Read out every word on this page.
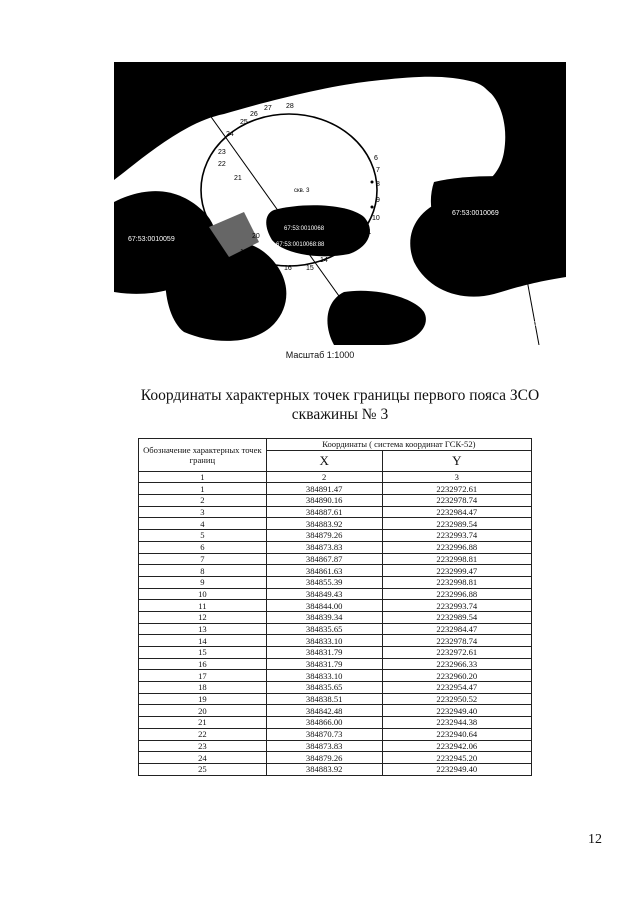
67:53:0010059
67:53:0010069
67:53:0000000:46
скв. 3
67:53:0010068
67:53:0010068:88
28
27
26
25
24
23
22
21
20
19
18
17 16 15
14
13
12
11
10
9
8
7
6
Масштаб 1:1000
Координаты характерных точек границы первого пояса ЗСО
скважины № 3
Обозначение характерных точек границ	Координаты ( система координат ГСК-52)	
	X	Y
1	2	3
1	384891.47	2232972.61
2	384890.16	2232978.74
3	384887.61	2232984.47
4	384883.92	2232989.54
5	384879.26	2232993.74
6	384873.83	2232996.88
7	384867.87	2232998.81
8	384861.63	2232999.47
9	384855.39	2232998.81
10	384849.43	2232996.88
11	384844.00	2232993.74
12	384839.34	2232989.54
13	384835.65	2232984.47
14	384833.10	2232978.74
15	384831.79	2232972.61
16	384831.79	2232966.33
17	384833.10	2232960.20
18	384835.65	2232954.47
19	384838.51	2232950.52
20	384842.48	2232949.40
21	384866.00	2232944.38
22	384870.73	2232940.64
23	384873.83	2232942.06
24	384879.26	2232945.20
25	384883.92	2232949.40
12
